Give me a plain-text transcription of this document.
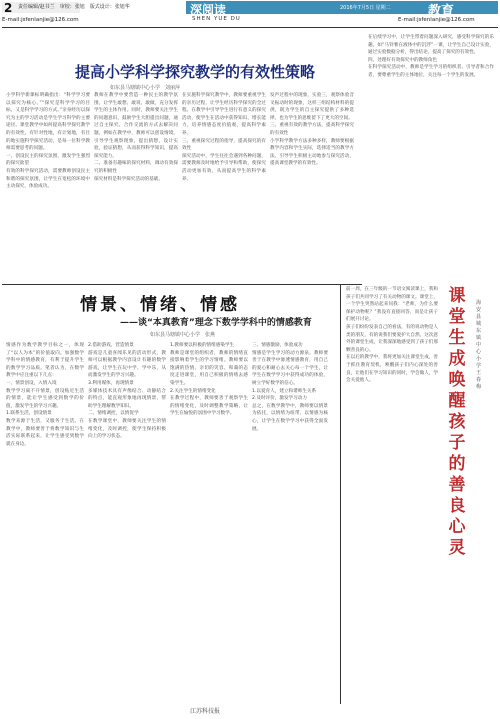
2 责任编辑/赵书兰　 审校：张旭　 版式设计：张旭华
E-mail:jsfenlanjie@126.com
深阅读
SHEN YUE DU
2016年7月5日 星期二	教育
E-mail:jsfenlanjie@126.com
提高小学科学探究教学的有效性策略
如东县马塘镇中心小学　刘丽萍
小学科学新课标明确指出：“科学学习要以探究为核心。”“探究是科学学习的目标，又是科学学习的方式。”亲身经历以探究为主的学习活动是学生学习科学的主要途径。课堂教学中如何提高科学探究教学的有效性，有针对性地，有计划地，有目的地实施科学探究活动，是每一位科学教师需要思考的问题。
一、创设民主的探究氛围，激发学生强烈的探究欲望
有效的科学探究活动，需要教师创设民主和谐的探究氛围，让学生在宽松的环境中主动探究，体验成功。
教师在教学中要营造一种民主的教学氛围，让学生敢想、敢说、敢做，充分发挥学生的主体作用。同时，教师要关注学生的问题意识，鼓励学生大胆提出问题，通过自主探究、合作交流的方式去解决问题。例如在教学中，教师可以创设情境，引导学生观察现象，提出猜想，设计实验，验证猜想，从而获得科学知识，提高探究能力。
二、准备有趣味的探究材料，调动有效探究的积极性
探究材料是科学探究活动的基础。
在实施科学探究教学中，教师要重视学生的亲历过程，让学生经历科学探究的全过程。在教学中引导学生进行有意义的探究活动，使学生在活动中获得知识，增长能力，培养情感态度价值观，提高科学素养。
三、重视探究过程的指导，提高探究的有效性
探究活动中，学生往往会遇到各种问题，需要教师及时地给予引导和帮助，使探究活动更加有效，从而提高学生的科学素养。
发声过程中的现象，实验三，观察体验音叉振动时的现象，这样三组结构材料的提供，既为学生的自主探究提供了多种选择，也为学生的思维留下了更大的空间。
三、重视有效的教学方法，提高科学探究的有效性
小学科学教学方法多种多样，教师要根据教学内容和学生实际，选择适当的教学方法，引导学生积极主动地参与探究活动，提高课堂教学的有效性。
在后续学习中，让学生带着问题深入研究，感受科学探究的乐趣。如“马铃薯在液体中的沉浮”一课，让学生自己设计实验，通过实验数据分析，得出结论，提高了探究的有效性。
四、处理好有效探究中的教师角色
在科学探究活动中，教师是学生学习的组织者、引导者和合作者，要尊重学生的主体地位，关注每一个学生的发展。
情景、情绪、情感
——谈“本真教育”理念下数学学科中的情感教育
如东县马塘镇中心小学　张燕
情感作为数学教学目标之一，体现了“以人为本”的价值取向。加强数学学科中的情感教育，有利于提升学生的数学学习品质。笔者认为，在数学教学中应注重以下几点：
一、情景创设，入情入境
数学学习离不开情景，创设贴近生活的情景，能让学生感受到数学的价值，激发学生的学习兴趣。
1.联系生活，创设情景
数学来源于生活，又服务于生活。在教学中，教师要善于将数学知识与生活实际联系起来，让学生感受到数学就在身边。
2.借助游戏，营造情景
游戏是儿童喜闻乐见的活动形式，教师可以根据教学内容设计有趣的数学游戏，让学生在玩中学、学中乐，从而激发学生的学习兴趣。
3.利用媒体，再现情景
多媒体技术具有声像结合、动静结合的特点，能直观形象地再现情景，帮助学生理解数学知识。
二、情绪调控，以情促学
在数学课堂中，教师要关注学生的情绪变化，及时调控，使学生保持积极向上的学习状态。
1.教师要以积极的情绪感染学生
教师是课堂的组织者，教师的情绪直接影响着学生的学习情绪。教师要以饱满的热情、亲切的笑容、和蔼的态度走进课堂，用自己积极的情绪去感染学生。
2.关注学生的情绪变化
在教学过程中，教师要善于观察学生的情绪变化，及时调整教学策略，让学生在愉悦的氛围中学习数学。
三、情感激励，体验成功
情感是学生学习的动力源泉。教师要善于在教学中渗透情感教育，用自己的爱心和耐心去关心每一个学生，让学生在数学学习中获得成功的体验，树立学好数学的信心。
1.以爱育人，建立和谐师生关系
2.及时评价，激发学习动力
总之，在数学教学中，教师要以情景为依托，以情绪为纽带，以情感为核心，让学生在数学学习中获得全面发展。
课堂生成唤醒孩子的善良心灵
海安县城东镇中心小学　王春梅
前一周，在三年级的一节语文阅读课上，我和孩子们共同学习了有关动物的课文。课堂上，一个学生突然站起来问我：“老师，为什么要保护动物呢？”我没有直接回答，而是让孩子们展开讨论。
孩子们纷纷发表自己的看法，有的说动物是人类的朋友，有的说我们要爱护大自然。这次意外的课堂生成，让我深深地感受到了孩子们那颗善良的心。
在以后的教学中，我将更加关注课堂生成，善于抓住教育契机，唤醒孩子们内心深处的善良，让他们在学习知识的同时，学会做人，学会关爱他人。
江苏科技报
